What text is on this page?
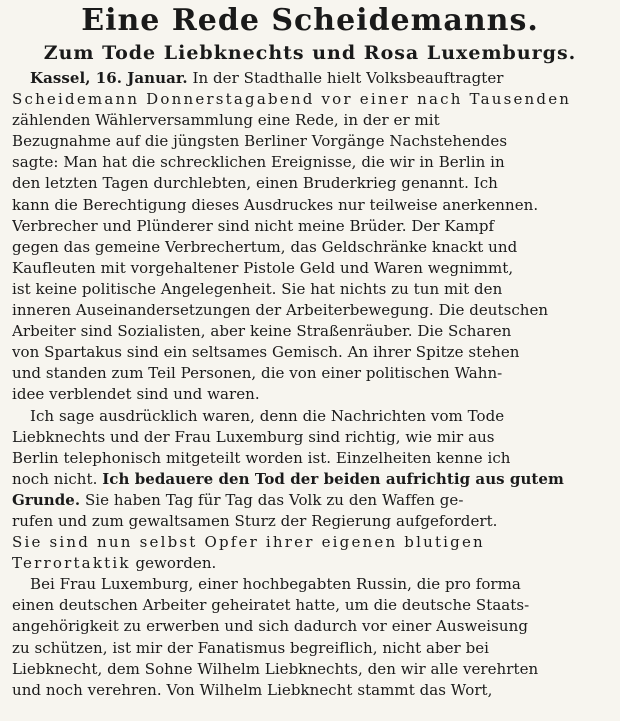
Eine Rede Scheidemanns.
Zum Tode Liebknechts und Rosa Luxemburgs.
Kassel, 16. Januar. In der Stadthalle hielt Volksbeauftragter
Scheidemann Donnerstagabend vor einer nach Tausenden
zählenden Wählerversammlung eine Rede, in der er mit
Bezugnahme auf die jüngsten Berliner Vorgänge Nachstehendes
sagte: Man hat die schrecklichen Ereignisse, die wir in Berlin in
den letzten Tagen durchlebten, einen Bruderkrieg genannt. Ich
kann die Berechtigung dieses Ausdruckes nur teilweise anerkennen.
Verbrecher und Plünderer sind nicht meine Brüder. Der Kampf
gegen das gemeine Verbrechertum, das Geldschränke knackt und
Kaufleuten mit vorgehaltener Pistole Geld und Waren wegnimmt,
ist keine politische Angelegenheit. Sie hat nichts zu tun mit den
inneren Auseinandersetzungen der Arbeiterbewegung. Die deutschen
Arbeiter sind Sozialisten, aber keine Straßenräuber. Die Scharen
von Spartakus sind ein seltsames Gemisch. An ihrer Spitze stehen
und standen zum Teil Personen, die von einer politischen Wahn-
idee verblendet sind und waren.
Ich sage ausdrücklich waren, denn die Nachrichten vom Tode
Liebknechts und der Frau Luxemburg sind richtig, wie mir aus
Berlin telephonisch mitgeteilt worden ist. Einzelheiten kenne ich
noch nicht. Ich bedauere den Tod der beiden aufrichtig aus gutem
Grunde. Sie haben Tag für Tag das Volk zu den Waffen ge-
rufen und zum gewaltsamen Sturz der Regierung aufgefordert.
Sie sind nun selbst Opfer ihrer eigenen blutigen
Terrortaktik geworden.
Bei Frau Luxemburg, einer hochbegabten Russin, die pro forma
einen deutschen Arbeiter geheiratet hatte, um die deutsche Staats-
angehörigkeit zu erwerben und sich dadurch vor einer Ausweisung
zu schützen, ist mir der Fanatismus begreiflich, nicht aber bei
Liebknecht, dem Sohne Wilhelm Liebknechts, den wir alle verehrten
und noch verehren. Von Wilhelm Liebknecht stammt das Wort,
